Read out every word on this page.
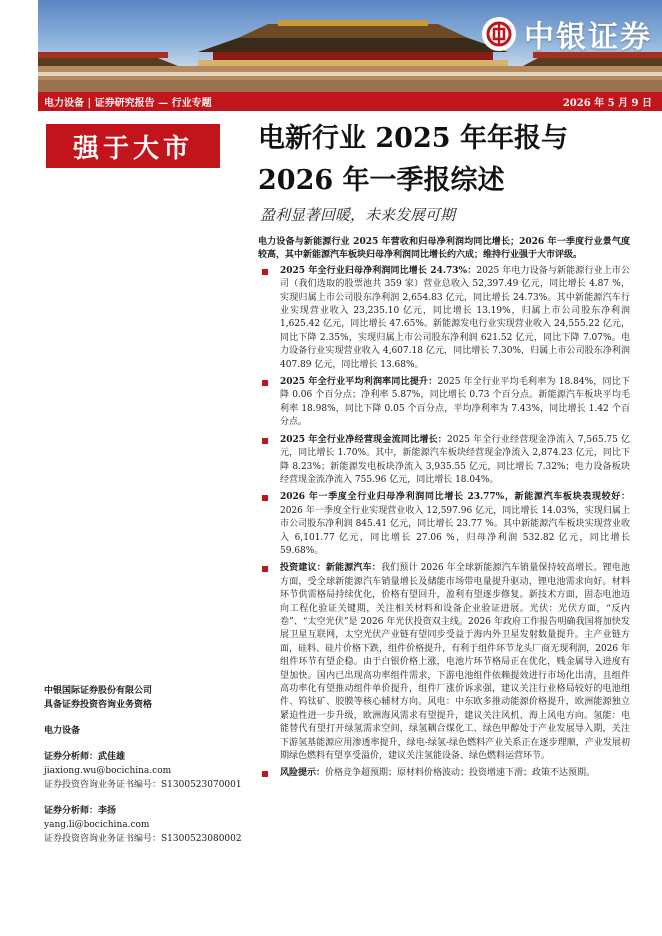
中银证券
电力设备 | 证券研究报告 — 行业专题	2026 年 5 月 9 日
强于大市	电新行业 2025 年年报与
2026 年一季报综述
盈利显著回暖，未来发展可期

电力设备与新能源行业 2025 年营收和归母净利润均同比增长；2026 年一季度行业景气度较高，其中新能源汽车板块归母净利润同比增长约六成；维持行业强于大市评级。

2025 年全行业归母净利润同比增长 24.73%：2025 年电力设备与新能源行业上市公司（我们选取的股票池共 359 家）营业总收入 52,397.49 亿元，同比增长 4.87 %，实现归属上市公司股东净利润 2,654.83 亿元，同比增长 24.73%。其中新能源汽车行业实现营业收入 23,235.10 亿元，同比增长 13.19%，归属上市公司股东净利润 1,625.42 亿元，同比增长 47.65%。新能源发电行业实现营业收入 24,555.22 亿元，同比下降 2.35%，实现归属上市公司股东净利润 621.52 亿元，同比下降 7.07%。电力设备行业实现营业收入 4,607.18 亿元，同比增长 7.30%，归属上市公司股东净利润 407.89 亿元，同比增长 13.68%。
2025 年全行业平均利润率同比提升：2025 年全行业平均毛利率为 18.84%，同比下降 0.06 个百分点；净利率 5.87%，同比增长 0.73 个百分点。新能源汽车板块平均毛利率 18.98%，同比下降 0.05 个百分点，平均净利率为 7.43%，同比增长 1.42 个百分点。
2025 年全行业净经营现金流同比增长：2025 年全行业经营现金净流入 7,565.75 亿元，同比增长 1.70%。其中，新能源汽车板块经营现金净流入 2,874.23 亿元，同比下降 8.23%；新能源发电板块净流入 3,935.55 亿元，同比增长 7.32%；电力设备板块经营现金流净流入 755.96 亿元，同比增长 18.04%。
2026 年一季度全行业归母净利润同比增长 23.77%，新能源汽车板块表现较好：2026 年一季度全行业实现营业收入 12,597.96 亿元，同比增长 14.03%，实现归属上市公司股东净利润 845.41 亿元，同比增长 23.77 %。其中新能源汽车板块实现营业收入 6,101.77 亿元，同比增长 27.06 %，归母净利润 532.82 亿元，同比增长 59.68%。
投资建议：新能源汽车：我们预计 2026 年全球新能源汽车销量保持较高增长。锂电池方面，受全球新能源汽车销量增长及储能市场带电量提升驱动，锂电池需求向好。材料环节供需格局持续优化，价格有望回升，盈利有望逐步修复。新技术方面，固态电池迈向工程化验证关键期，关注相关材料和设备企业验证进展。光伏：光伏方面，“反内卷”、“太空光伏”是 2026 年光伏投资双主线。2026 年政府工作报告明确我国将加快发展卫星互联网，太空光伏产业链有望同步受益于海内外卫星发射数量提升。主产业链方面，硅料、硅片价格下跌，组件价格提升，有利于组件环节龙头厂商无现利润，2026 年组件环节有望企稳。由于白银价格上涨，电池片环节格局正在优化，贱金属导入进度有望加快。国内已出现高功率组件需求，下游电池组件依赖提效进行市场化出清，且组件高功率化有望推动组件单价提升，组件厂涨价诉求强，建议关注行业格局较好的电池组件、钨钛矿、胶膜等核心辅材方向。风电：中东欧多推动能源价格提升，欧洲能源独立紧迫性进一步升级，欧洲海风需求有望提升，建议关注风机、海上风电方向。氢能：电能替代有望打开绿氢需求空间，绿氢耦合煤化工、绿色甲醇处于产业发展导入期，关注下游氢基能源应用渗透率提升，绿电-绿氢-绿色燃料产业关系正在逐步理顺，产业发展初期绿色燃料有望享受溢价，建议关注氢能设备、绿色燃料运营环节。
风险提示：价格竞争超预期；原材料价格波动；投资增速下滑；政策不达预期。
中银国际证券股份有限公司
具备证券投资咨询业务资格
电力设备
证券分析师：武佳雄
jiaxiong.wu@bocichina.com
证券投资咨询业务证书编号：S1300523070001
证券分析师：李扬
yang.li@bocichina.com
证券投资咨询业务证书编号：S1300523080002
